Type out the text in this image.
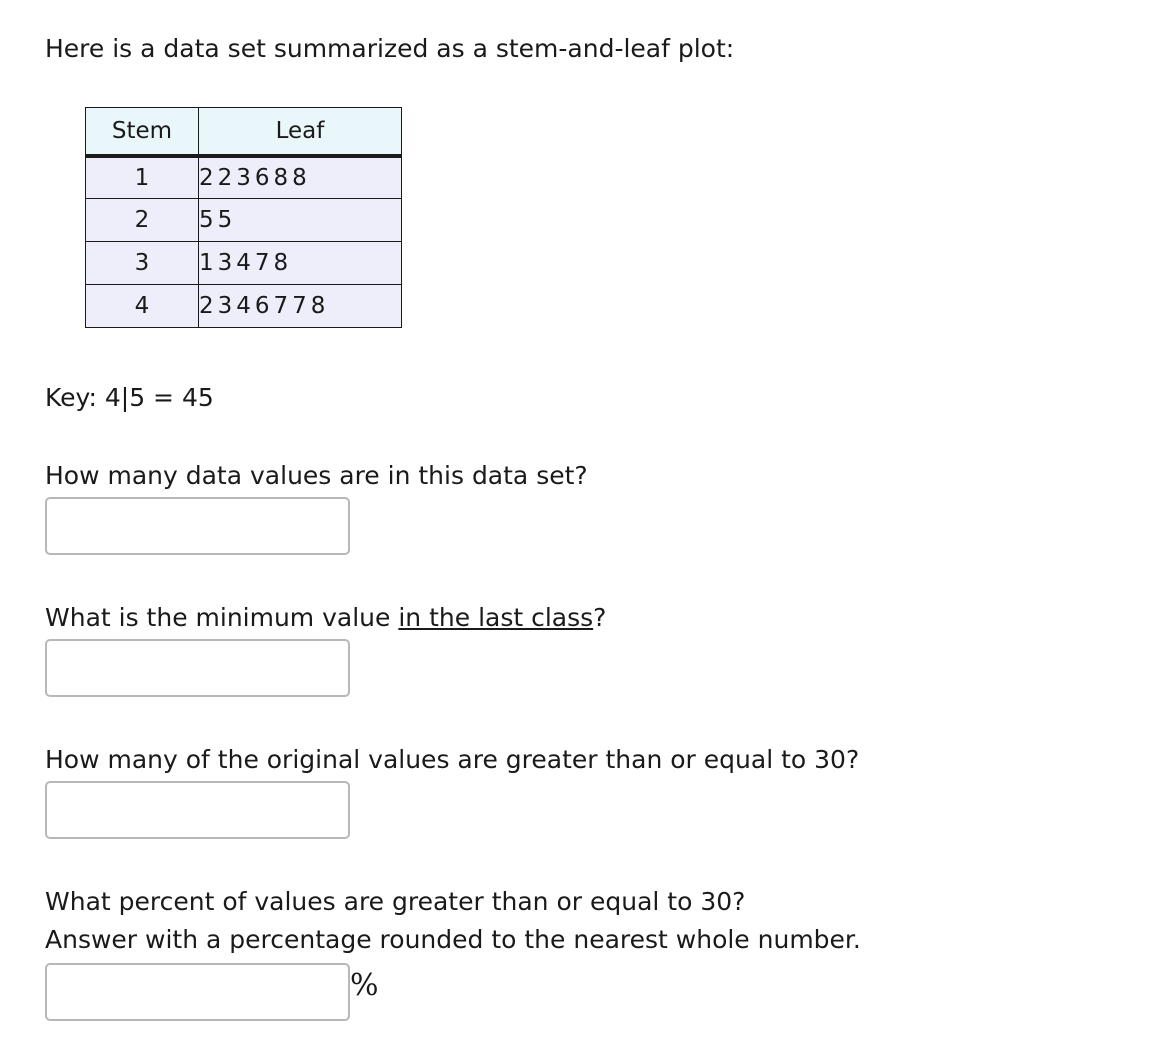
Here is a data set summarized as a stem-and-leaf plot:

Stem	Leaf
1	223688
2	55
3	13478
4	2346778

Key: 4|5 = 45

How many data values are in this data set?

What is the minimum value in the last class?

How many of the original values are greater than or equal to 30?

What percent of values are greater than or equal to 30?
Answer with a percentage rounded to the nearest whole number.

%
